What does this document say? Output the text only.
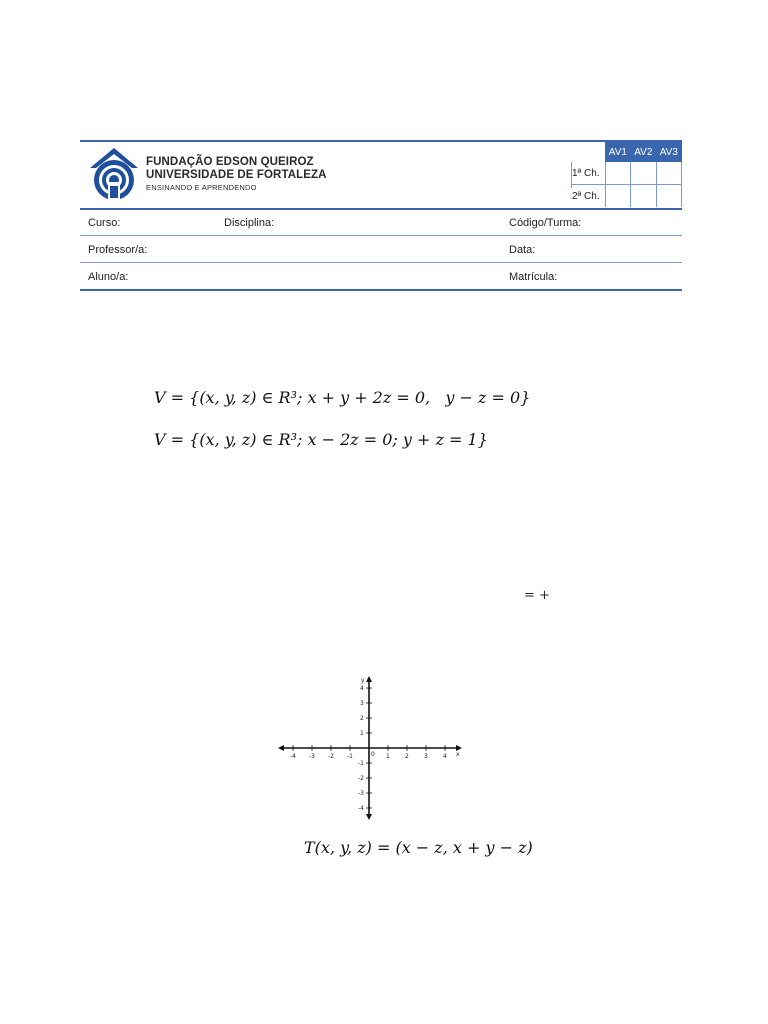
FUNDAÇÃO EDSON QUEIROZ
UNIVERSIDADE DE FORTALEZA
ENSINANDO E APRENDENDO
	AV1	AV2	AV3
1ª Ch.			
2ª Ch.			
Curso:	Disciplina:	Código/Turma:
Professor/a:	Data:
Aluno/a:	Matrícula:
V = {(x, y, z) ∈ R³; x + y + 2z = 0,   y − z = 0}
V = {(x, y, z) ∈ R³; x − 2z = 0; y + z = 1}
= +
-4 -3 -2 -1	0 1	2	3	4 x
4
3
2
1
-1
-2
-3
-4
y
T(x, y, z) = (x − z, x + y − z)
